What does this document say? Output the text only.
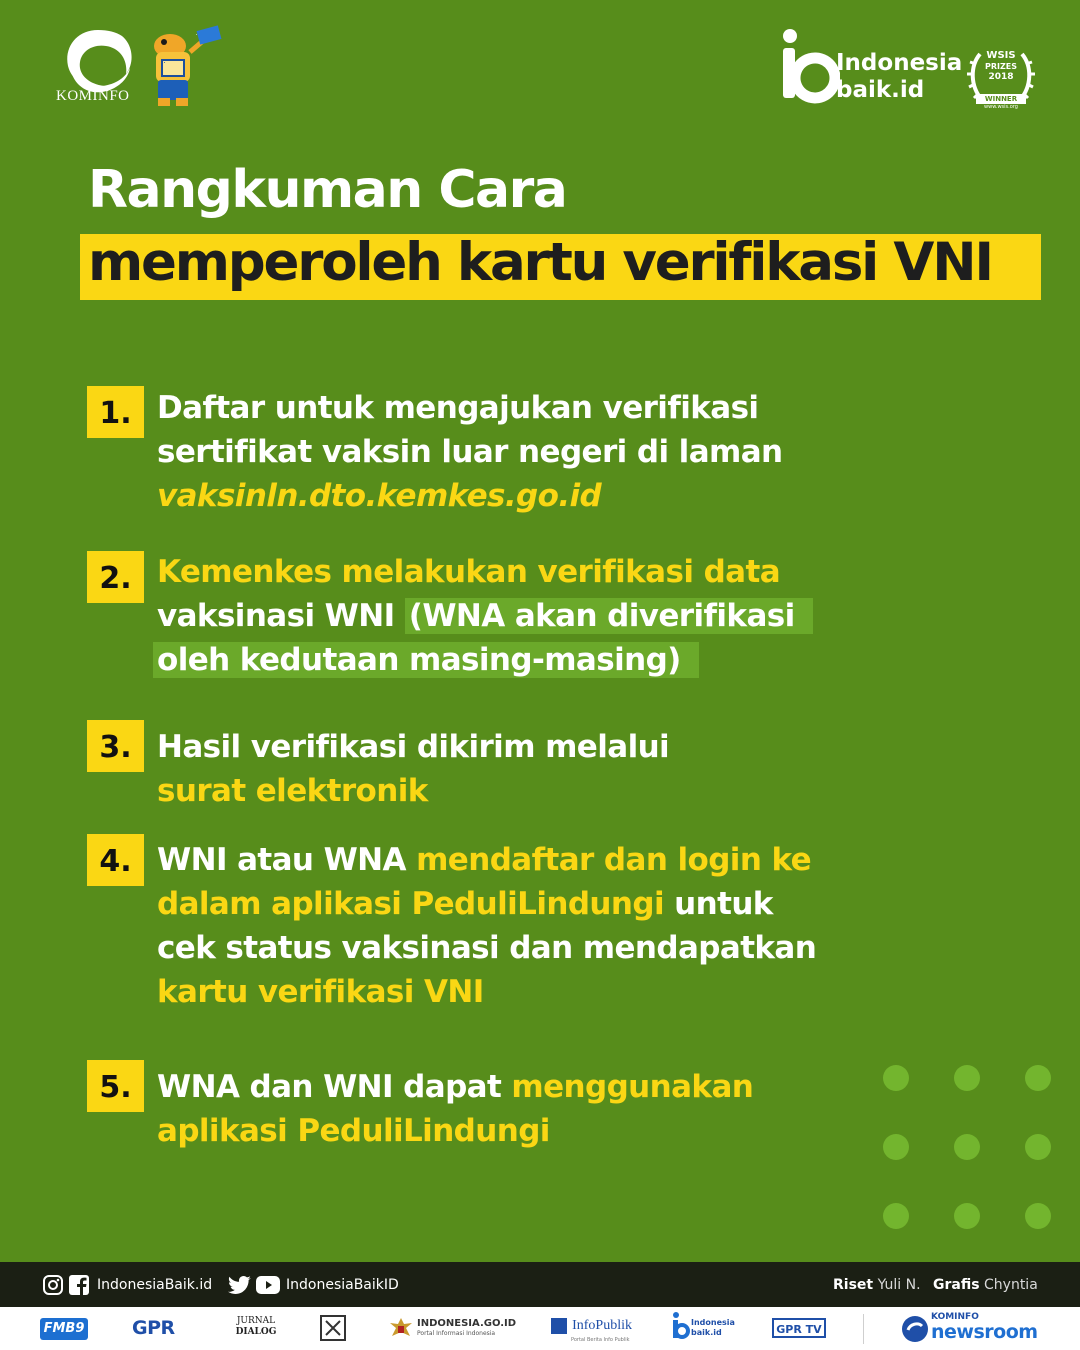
KOMINFO
Indonesia
baik.id
WSIS
PRIZES
2018
WINNER
www.wsis.org
Rangkuman Cara
memperoleh kartu verifikasi VNI
1. Daftar untuk mengajukan verifikasi
sertifikat vaksin luar negeri di laman
vaksinln.dto.kemkes.go.id
2. Kemenkes melakukan verifikasi data
vaksinasi WNI (WNA akan diverifikasi
oleh kedutaan masing-masing)
3. Hasil verifikasi dikirim melalui
surat elektronik
4. WNI atau WNA mendaftar dan login ke
dalam aplikasi PeduliLindungi untuk
cek status vaksinasi dan mendapatkan
kartu verifikasi VNI
5. WNA dan WNI dapat menggunakan
aplikasi PeduliLindungi
IndonesiaBaik.id	IndonesiaBaikID	Riset Yuli N. Grafis Chyntia
FMB9	GPR	JURNAL
DIALOG
INDONESIA.GO.ID
Portal Informasi Indonesia
InfoPublik
Portal Berita Info Publik
Indonesia
baik.id	GPR TV
KOMINFO
newsroom
